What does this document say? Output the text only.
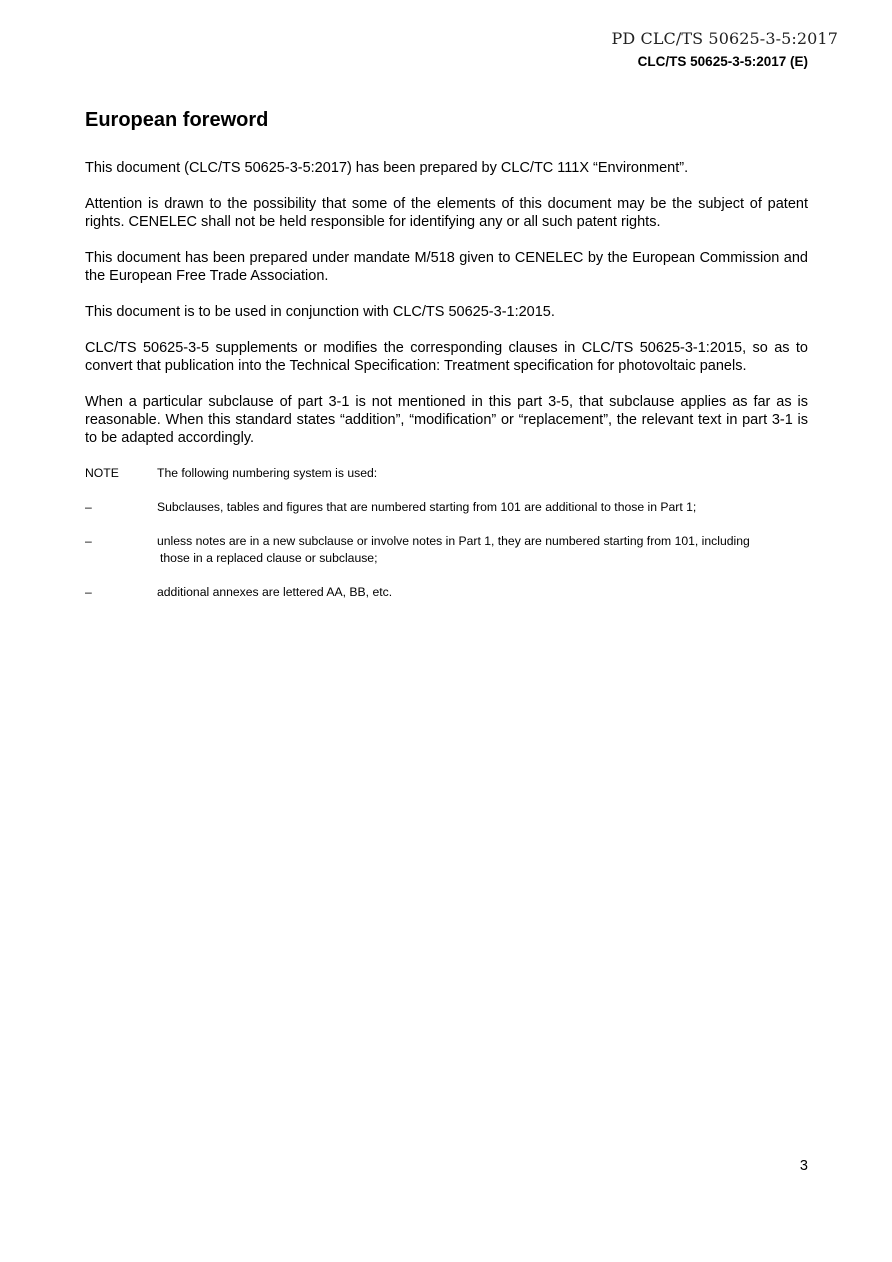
PD CLC/TS 50625-3-5:2017
CLC/TS 50625-3-5:2017 (E)
European foreword

This document (CLC/TS 50625-3-5:2017) has been prepared by CLC/TC 111X “Environment”.

Attention is drawn to the possibility that some of the elements of this document may be the subject of patent rights. CENELEC shall not be held responsible for identifying any or all such patent rights.

This document has been prepared under mandate M/518 given to CENELEC by the European Commission and the European Free Trade Association.

This document is to be used in conjunction with CLC/TS 50625-3-1:2015.

CLC/TS 50625-3-5 supplements or modifies the corresponding clauses in CLC/TS 50625-3-1:2015, so as to convert that publication into the Technical Specification: Treatment specification for photovoltaic panels.

When a particular subclause of part 3-1 is not mentioned in this part 3-5, that subclause applies as far as is reasonable. When this standard states “addition”, “modification” or “replacement”, the relevant text in part 3-1 is to be adapted accordingly.

NOTE	The following numbering system is used:
–	Subclauses, tables and figures that are numbered starting from 101 are additional to those in Part 1;
–	unless notes are in a new subclause or involve notes in Part 1, they are numbered starting from 101, including
those in a replaced clause or subclause;
–	additional annexes are lettered AA, BB, etc.
3
